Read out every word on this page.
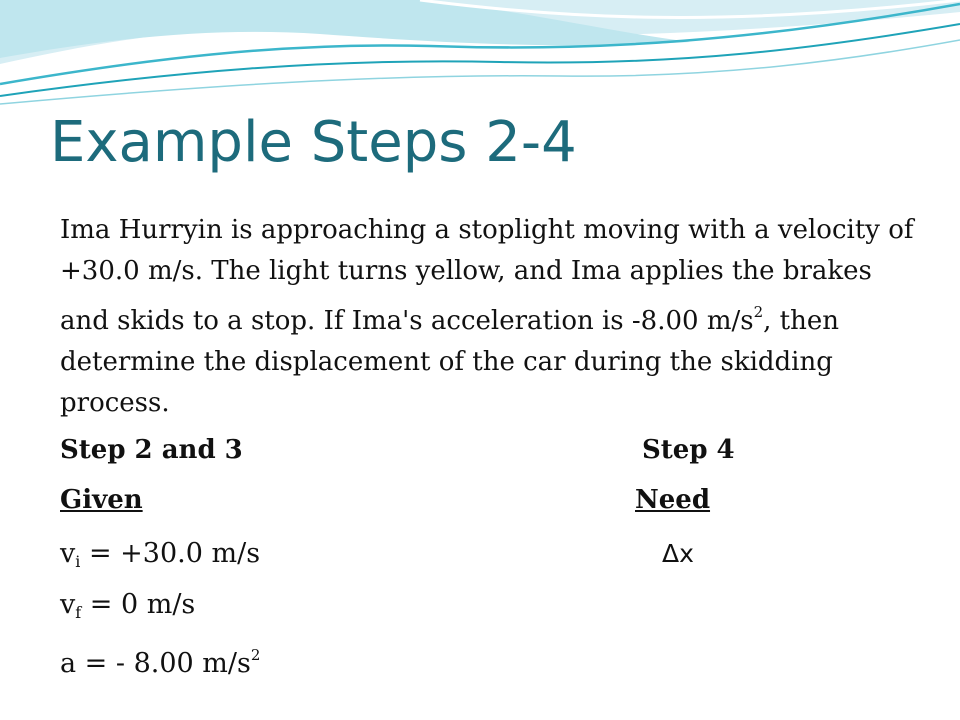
Example Steps 2-4

Ima Hurryin is approaching a stoplight moving with a velocity of +30.0 m/s. The light turns yellow, and Ima applies the brakes and skids to a stop. If Ima's acceleration is -8.00 $m/s^2$, then determine the displacement of the car during the skidding process.

Step 2 and 3	Step 4
Given	Need
$v_i = +30.0$ m/s
$v_f = 0$ m/s
a = - 8.00 $m/s^2$
Δx
